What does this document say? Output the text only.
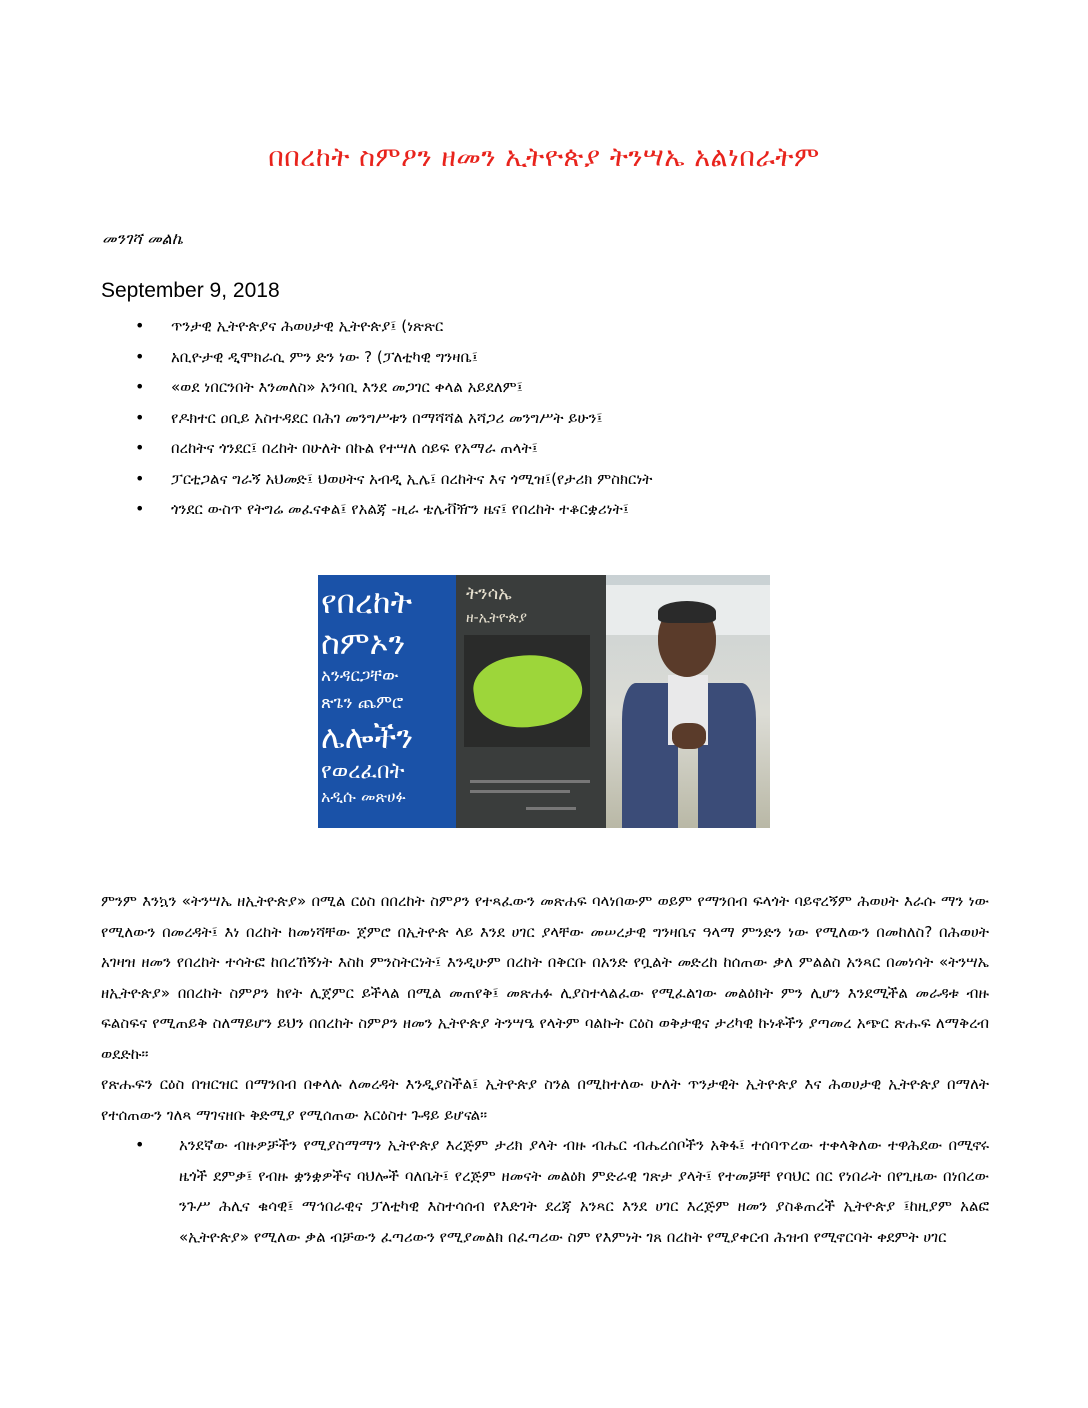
በበረከት ስምዖን ዘመን ኢትዮጵያ ትንሣኤ አልነበራትም
መንገሻ መልኬ
September 9, 2018
• ጥንታዊ ኢትዮጵያና ሕወሀታዊ ኢትዮጵያ፤ (ነጽጽር
• አቢዮታዊ ዲሞክራሲ ምን ድን ነው ? (ፓለቲካዊ ግንዛቤ፤
• «ወደ ነበርንበት እንመለስ» አንባቢ እንደ መጋገር ቀላል አይደለም፤
• የዶክተር ዐቢይ አስተዳደር በሕገ መንግሥቱን በማሻሻል አሻጋሪ መንግሥት ይሁን፤
• በረከትና ጎንደር፤ በረከት በሁለት በኩል የተሣለ ሰይፍ የአማራ ጠላት፤
• ፓርቲጋልና ግራኝ አህመድ፤ ህወሀትና አብዲ ኢሌ፤ በረከትና እና ጎሚዝ፤(የታሪክ ምስክርነት
• ጎንደር ውስጥ የትግሬ መፈናቀል፤ የአልጃ -ዚራ ቴሌቭዥን ዜና፤ የበረከት ተቆርቋሪነት፤
የበረከት
ስምኦን
አንዳርጋቸው
ጽጌን ጨምሮ
ሌሎችን
የወረፈበት
አዲሱ መጽሀፉ
ትንሳኤ
ዘ-ኢትዮጵያ

ምንም እንኳን «ትንሣኤ ዘኢትዮጵያ» በሚል ርዕስ በበረከት ስምዖን የተጻፈውን መጽሐፍ ባላነበውም ወይም የማንበብ ፍላጎት ባይኖረኝም ሕወሀት እራሱ ማን ነው የሚለውን በመረዳት፤ እነ በረከት ከመነሻቸው ጀምሮ በኢትዮጵ ላይ እንደ ሀገር ያላቸው መሠረታዊ ግንዛቤና ዓላማ ምንድን ነው የሚለውን በመከለስ? በሕወሀት አገዛዝ ዘመን የበረከት ተሳትፎ ከበረኸኝነት እስከ ምንስትርነት፤ እንዲሁም በረከት በቅርቡ በአንድ የቧልት መድረከ ከሰጠው ቃለ ምልልስ አንጻር በመነሳት «ትንሣኤ ዘኢትዮጵያ» በበረከት ስምዖን ከየት ሊጀምር ይችላል በሚል መጠየቅ፤ መጽሐፉ ሊያስተላልፈው የሚፈልገው መልዕክት ምን ሊሆን እንደሚችል መራዳቱ ብዙ ፍልስፍና የሚጠይቅ ስለማይሆን ይህን በበረከት ስምዖን ዘመን ኢትዮጵያ ትንሣዔ የላትም ባልኩት ርዕስ ወቅታዊና ታሪካዊ ኩነቶችን ያጣመረ አጭር ጽሑፍ ለማቅረብ ወደድኩ።

የጽሑፍን ርዕስ በዝርዝር በማንበብ በቀላሉ ለመረዳት እንዲያስችል፤ ኢትዮጵያ ስንል በሚከተለው ሁለት ጥንታዊት ኢትዮጵያ እና ሕወሀታዊ ኢትዮጵያ በማለት የተሰጠውን ገለጻ ማገናዘቡ ቅድሚያ የሚሰጠው አርዕስተ ጉዳይ ይሆናል።

• አንደኛው ብዙዎቻችን የሚያስማማን ኢትዮጵያ እረጅም ታሪክ ያላት ብዙ ብሔር ብሔረሰቦችን አቅፋ፤ ተሰባጥረው ተቀላቅለው ተዋሕደው በሚኖሩ ዜጎች ደምቃ፤ የብዙ ቋንቋዎችና ባህሎች ባለቤት፤ የረጅም ዘመናት መልዕክ ምድራዊ ገጽታ ያላት፤ የተመቻቸ የባህር በር የነበራት በየጊዜው በነበረው ንጉሥ ሕሊና ቁሳዊ፤ ማኅበራዊና ፓለቲካዊ እስተሳሰብ የእድገት ደረጃ አንጻር እንደ ሀገር እረጅም ዘመን ያስቆጠረች ኢትዮጵያ ፤ከዚያም አልፎ «ኢትዮጵያ» የሚለው ቃል ብቻውን ፈጣሪውን የሚያመልክ በፈጣሪው ስም የእምነት ገጸ በረከት የሚያቀርብ ሕዝብ የሚኖርባት ቀደምት ሀገር
